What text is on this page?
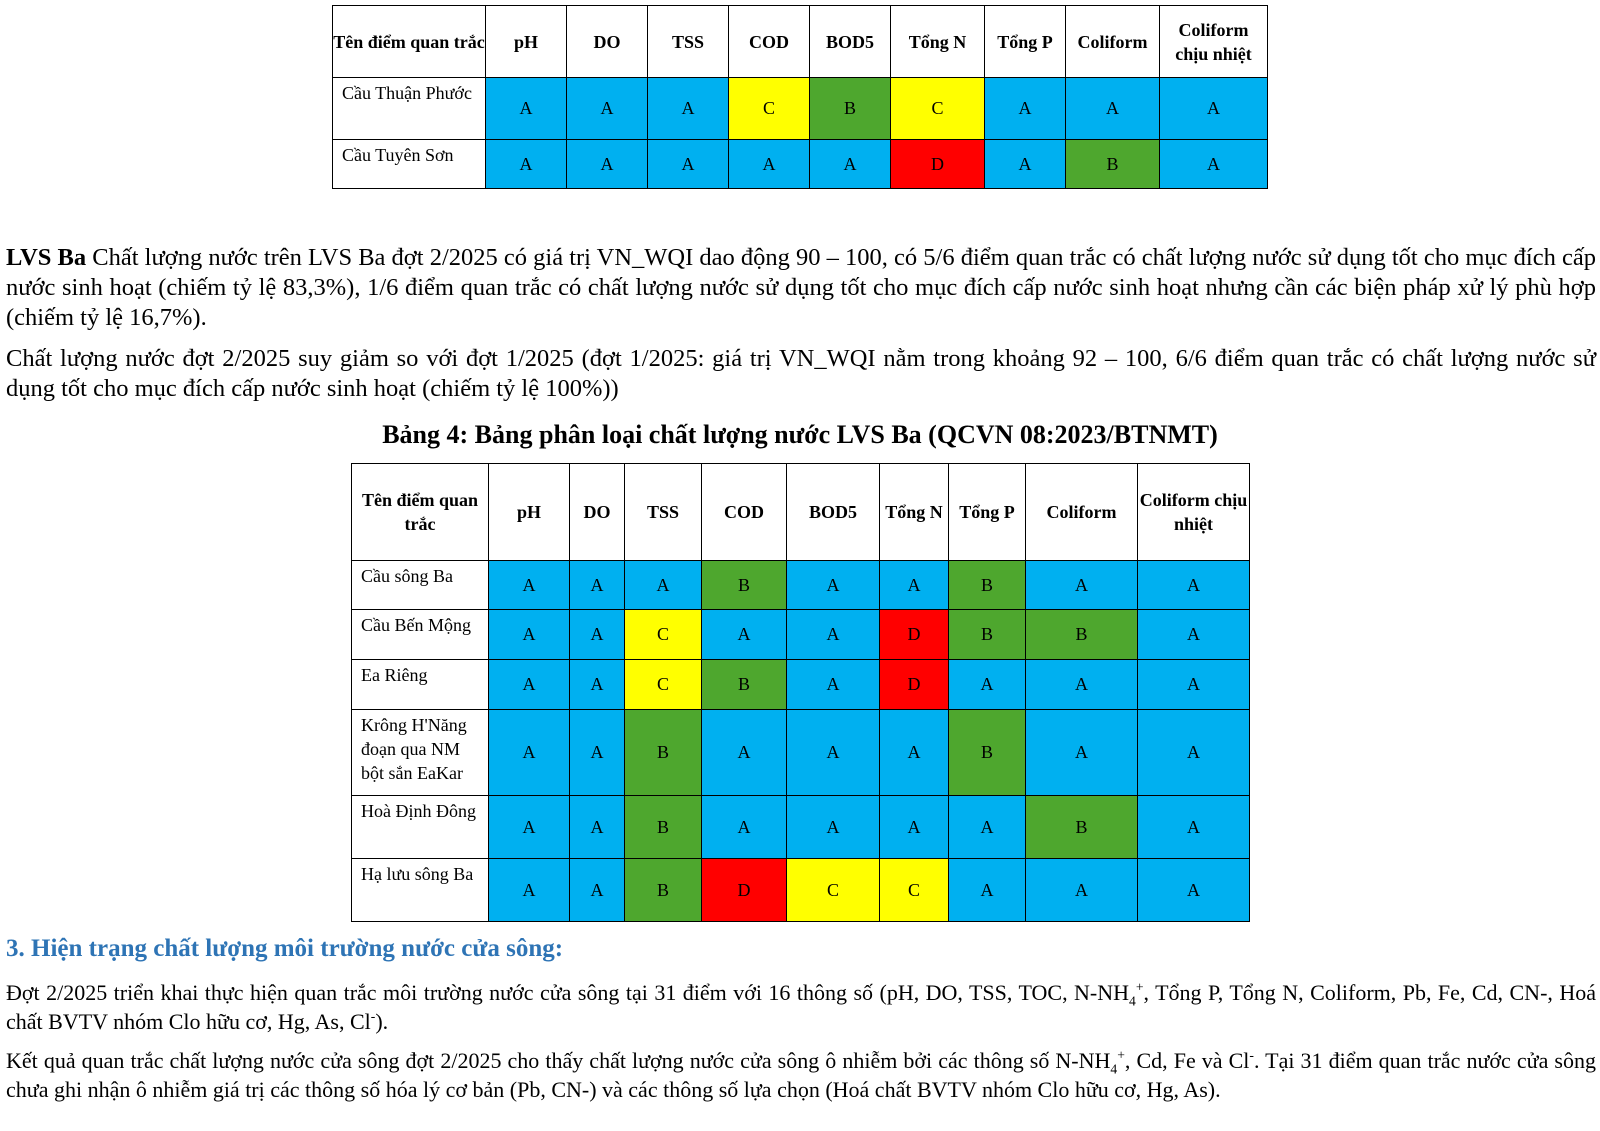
Tên điểm quan trắc	pH	DO	TSS	COD	BOD5	Tổng N	Tổng P	Coliform	Coliform chịu nhiệt
Cầu Thuận Phước	A	A	A	C	B	C	A	A	A
Cầu Tuyên Sơn	A	A	A	A	A	D	A	B	A
LVS Ba Chất lượng nước trên LVS Ba đợt 2/2025 có giá trị VN_WQI dao động 90 – 100, có 5/6 điểm quan trắc có chất lượng nước sử dụng tốt cho mục đích cấp nước sinh hoạt (chiếm tỷ lệ 83,3%), 1/6 điểm quan trắc có chất lượng nước sử dụng tốt cho mục đích cấp nước sinh hoạt nhưng cần các biện pháp xử lý phù hợp (chiếm tỷ lệ 16,7%).
Chất lượng nước đợt 2/2025 suy giảm so với đợt 1/2025 (đợt 1/2025: giá trị VN_WQI nằm trong khoảng 92 – 100, 6/6 điểm quan trắc có chất lượng nước sử dụng tốt cho mục đích cấp nước sinh hoạt (chiếm tỷ lệ 100%))
Bảng 4: Bảng phân loại chất lượng nước LVS Ba (QCVN 08:2023/BTNMT)
Tên điểm quan trắc	pH	DO	TSS	COD	BOD5	Tổng N	Tổng P	Coliform	Coliform chịu nhiệt
Cầu sông Ba	A	A	A	B	A	A	B	A	A
Cầu Bến Mộng	A	A	C	A	A	D	B	B	A
Ea Riêng	A	A	C	B	A	D	A	A	A
Krông H'Năng đoạn qua NM bột sắn EaKar	A	A	B	A	A	A	B	A	A
Hoà Định Đông	A	A	B	A	A	A	A	B	A
Hạ lưu sông Ba	A	A	B	D	C	C	A	A	A
3. Hiện trạng chất lượng môi trường nước cửa sông:
Đợt 2/2025 triển khai thực hiện quan trắc môi trường nước cửa sông tại 31 điểm với 16 thông số (pH, DO, TSS, TOC, $N-NH_4^+$, Tổng P, Tổng N, Coliform, Pb, Fe, Cd, CN-, Hoá chất BVTV nhóm Clo hữu cơ, Hg, As, Cl-).
Kết quả quan trắc chất lượng nước cửa sông đợt 2/2025 cho thấy chất lượng nước cửa sông ô nhiễm bởi các thông số $N-NH_4^+$, Cd, Fe và Cl-. Tại 31 điểm quan trắc nước cửa sông chưa ghi nhận ô nhiễm giá trị các thông số hóa lý cơ bản (Pb, CN-) và các thông số lựa chọn (Hoá chất BVTV nhóm Clo hữu cơ, Hg, As).
